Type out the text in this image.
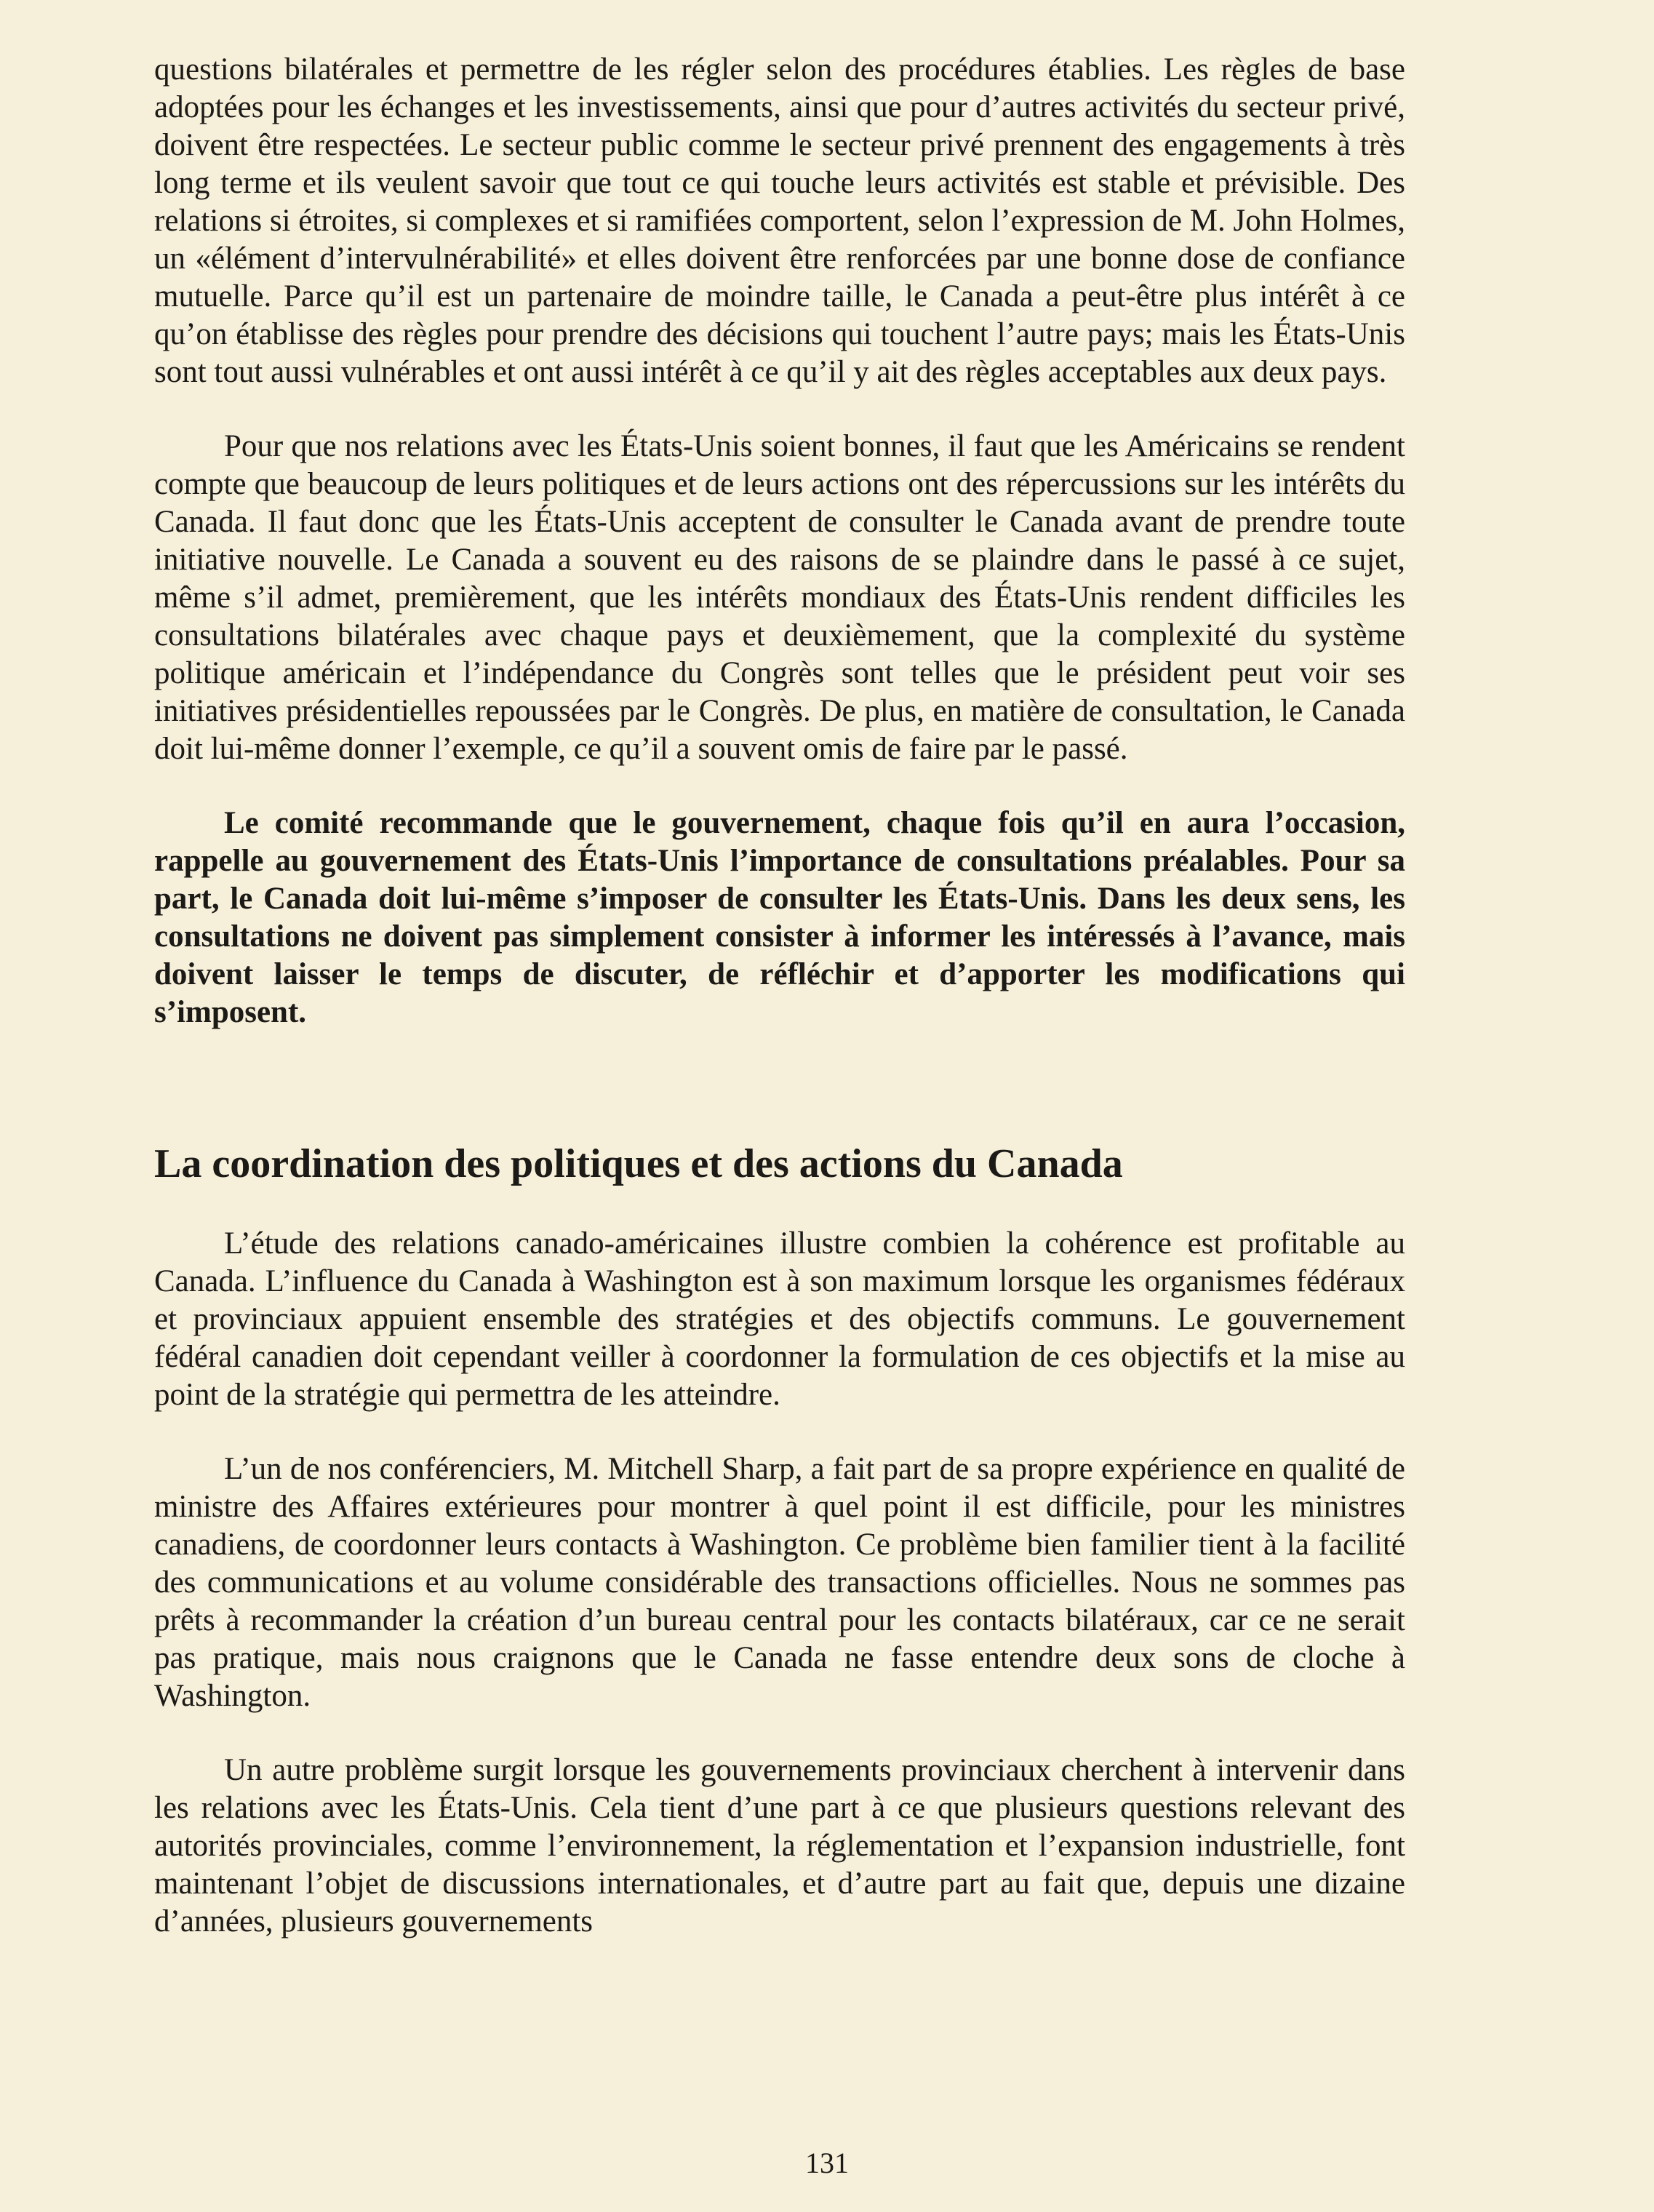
questions bilatérales et permettre de les régler selon des procédures établies. Les règles de base adoptées pour les échanges et les investissements, ainsi que pour d’autres activités du secteur privé, doivent être respectées. Le secteur public comme le secteur privé prennent des engagements à très long terme et ils veulent savoir que tout ce qui touche leurs activités est stable et prévisible. Des relations si étroites, si complexes et si ramifiées comportent, selon l’expression de M. John Holmes, un «élément d’intervulnérabilité» et elles doivent être renforcées par une bonne dose de confiance mutuelle. Parce qu’il est un partenaire de moindre taille, le Canada a peut-être plus intérêt à ce qu’on établisse des règles pour prendre des décisions qui touchent l’autre pays; mais les États-Unis sont tout aussi vulnérables et ont aussi intérêt à ce qu’il y ait des règles acceptables aux deux pays.

Pour que nos relations avec les États-Unis soient bonnes, il faut que les Américains se rendent compte que beaucoup de leurs politiques et de leurs actions ont des répercussions sur les intérêts du Canada. Il faut donc que les États-Unis acceptent de consulter le Canada avant de prendre toute initiative nouvelle. Le Canada a souvent eu des raisons de se plaindre dans le passé à ce sujet, même s’il admet, premièrement, que les intérêts mondiaux des États-Unis rendent difficiles les consultations bilatérales avec chaque pays et deuxièmement, que la complexité du système politique américain et l’indépendance du Congrès sont telles que le président peut voir ses initiatives présidentielles repoussées par le Congrès. De plus, en matière de consultation, le Canada doit lui-même donner l’exemple, ce qu’il a souvent omis de faire par le passé.

Le comité recommande que le gouvernement, chaque fois qu’il en aura l’occasion, rappelle au gouvernement des États-Unis l’importance de consultations préalables. Pour sa part, le Canada doit lui-même s’imposer de consulter les États-Unis. Dans les deux sens, les consultations ne doivent pas simplement consister à informer les intéressés à l’avance, mais doivent laisser le temps de discuter, de réfléchir et d’apporter les modifications qui s’imposent.

La coordination des politiques et des actions du Canada

L’étude des relations canado-américaines illustre combien la cohérence est profitable au Canada. L’influence du Canada à Washington est à son maximum lorsque les organismes fédéraux et provinciaux appuient ensemble des stratégies et des objectifs communs. Le gouvernement fédéral canadien doit cependant veiller à coordonner la formulation de ces objectifs et la mise au point de la stratégie qui permettra de les atteindre.

L’un de nos conférenciers, M. Mitchell Sharp, a fait part de sa propre expérience en qualité de ministre des Affaires extérieures pour montrer à quel point il est difficile, pour les ministres canadiens, de coordonner leurs contacts à Washington. Ce problème bien familier tient à la facilité des communications et au volume considérable des transactions officielles. Nous ne sommes pas prêts à recommander la création d’un bureau central pour les contacts bilatéraux, car ce ne serait pas pratique, mais nous craignons que le Canada ne fasse entendre deux sons de cloche à Washington.

Un autre problème surgit lorsque les gouvernements provinciaux cherchent à intervenir dans les relations avec les États-Unis. Cela tient d’une part à ce que plusieurs questions relevant des autorités provinciales, comme l’environnement, la réglementation et l’expansion industrielle, font maintenant l’objet de discussions internationales, et d’autre part au fait que, depuis une dizaine d’années, plusieurs gouvernements

131
